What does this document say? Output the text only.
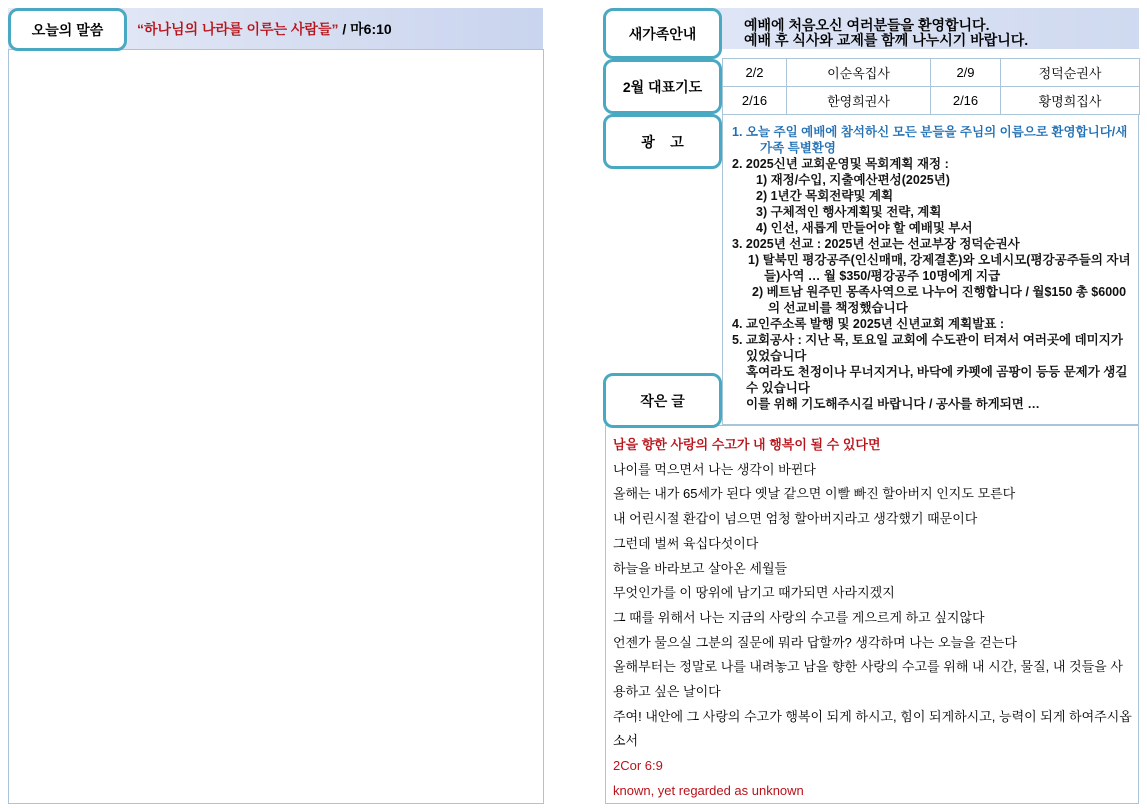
오늘의 말씀	“하나님의 나라를 이루는 사람들” / 마6:10	예배에 처음오신 여러분들을 환영합니다.
예배 후 식사와 교제를 함께 나누시기 바랍니다.
새가족안내
2월 대표기도
2/2	이순옥집사	2/9	정덕순권사
2/16	한영희권사	2/16	황명희집사
광    고
1. 오늘 주일 예배에 참석하신 모든 분들을 주님의 이름으로 환영합니다/새가족 특별환영
2. 2025신년 교회운영및 목회계획 재정 :
1) 재정/수입, 지출예산편성(2025년)
2) 1년간 목회전략및 계획
3) 구체적인 행사계획및 전략, 계획
4) 인선, 새롭게 만들어야 할 예배및 부서
3. 2025년 선교 : 2025년 선교는 선교부장 정덕순권사
1) 탈북민 평강공주(인신매매, 강제결혼)와 오네시모(평강공주들의 자녀들)사역 … 월 $350/평강공주 10명에게 지급
2) 베트남 원주민 몽족사역으로 나누어 진행합니다 / 월$150 총 $6000의 선교비를 책정했습니다
4. 교인주소록 발행 및 2025년 신년교회 계획발표 :
5. 교회공사 : 지난 목, 토요일 교회에 수도관이 터져서 여러곳에 데미지가 있었습니다
혹여라도 천정이나 무너지거나, 바닥에 카펫에 곰팡이 등등 문제가 생길 수 있습니다
이를 위해 기도해주시길 바랍니다 / 공사를 하게되면 …
작은 글

남을 향한 사랑의 수고가 내 행복이 될 수 있다면

나이를 먹으면서 나는 생각이 바뀐다

올해는 내가 65세가 된다 옛날 같으면 이빨 빠진 할아버지 인지도 모른다

내 어린시절 환갑이 넘으면 엄청 할아버지라고 생각했기 때문이다

그런데 벌써 육십다섯이다

하늘을 바라보고 살아온 세월들

무엇인가를 이 땅위에 남기고 때가되면 사라지겠지

그 때를 위해서 나는 지금의 사랑의 수고를 게으르게 하고 싶지않다

언젠가 물으실 그분의 질문에 뭐라 답할까? 생각하며 나는 오늘을 걷는다

올해부터는 정말로 나를 내려놓고 남을 향한 사랑의 수고를 위해 내 시간, 물질, 내 것들을 사용하고 싶은 날이다

주여! 내안에 그 사랑의 수고가 행복이 되게 하시고, 힘이 되게하시고, 능력이 되게 하여주시옵소서

2Cor 6:9

known, yet regarded as unknown
